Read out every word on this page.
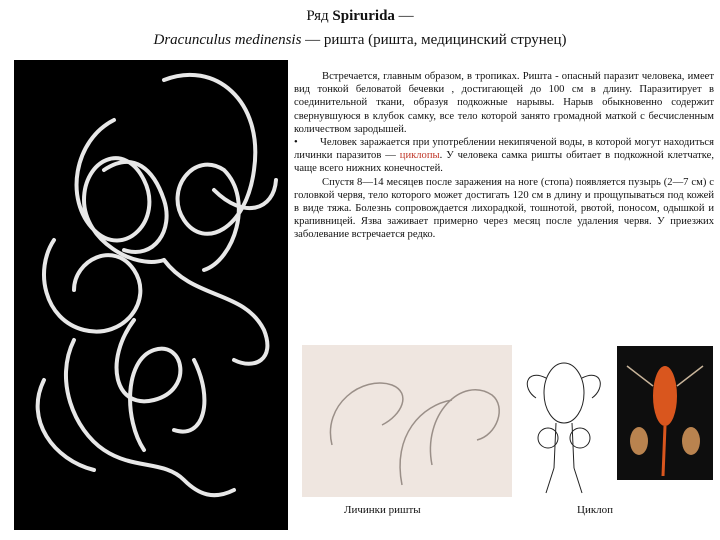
Ряд Spirurida —
Dracunculus medinensis — ришта (ришта, медицинский струнец)

Встречается, главным образом, в тропиках. Ришта - опасный паразит человека, имеет вид тонкой беловатой бечевки , достигающей до 100 см в длину. Паразитирует в соединительной ткани, образуя подкожные нарывы. Нарыв обыкновенно содержит свернувшуюся в клубок самку, все тело которой занято громадной маткой с бесчисленным количеством зародышей.

• Человек заражается при употреблении некипяченой воды, в которой могут находиться личинки паразитов — циклопы. У человека самка ришты обитает в подкожной клетчатке, чаще всего нижних конечностей.

Спустя 8—14 месяцев после заражения на ноге (стопа) появляется пузырь (2—7 см) с головкой червя, тело которого может достигать 120 см в длину и прощупываться под кожей в виде тяжа. Болезнь сопровождается лихорадкой, тошнотой, рвотой, поносом, одышкой и крапивницей. Язва заживает примерно через месяц после удаления червя. У приезжих заболевание встречается редко.

Личинки ришты	Циклоп
